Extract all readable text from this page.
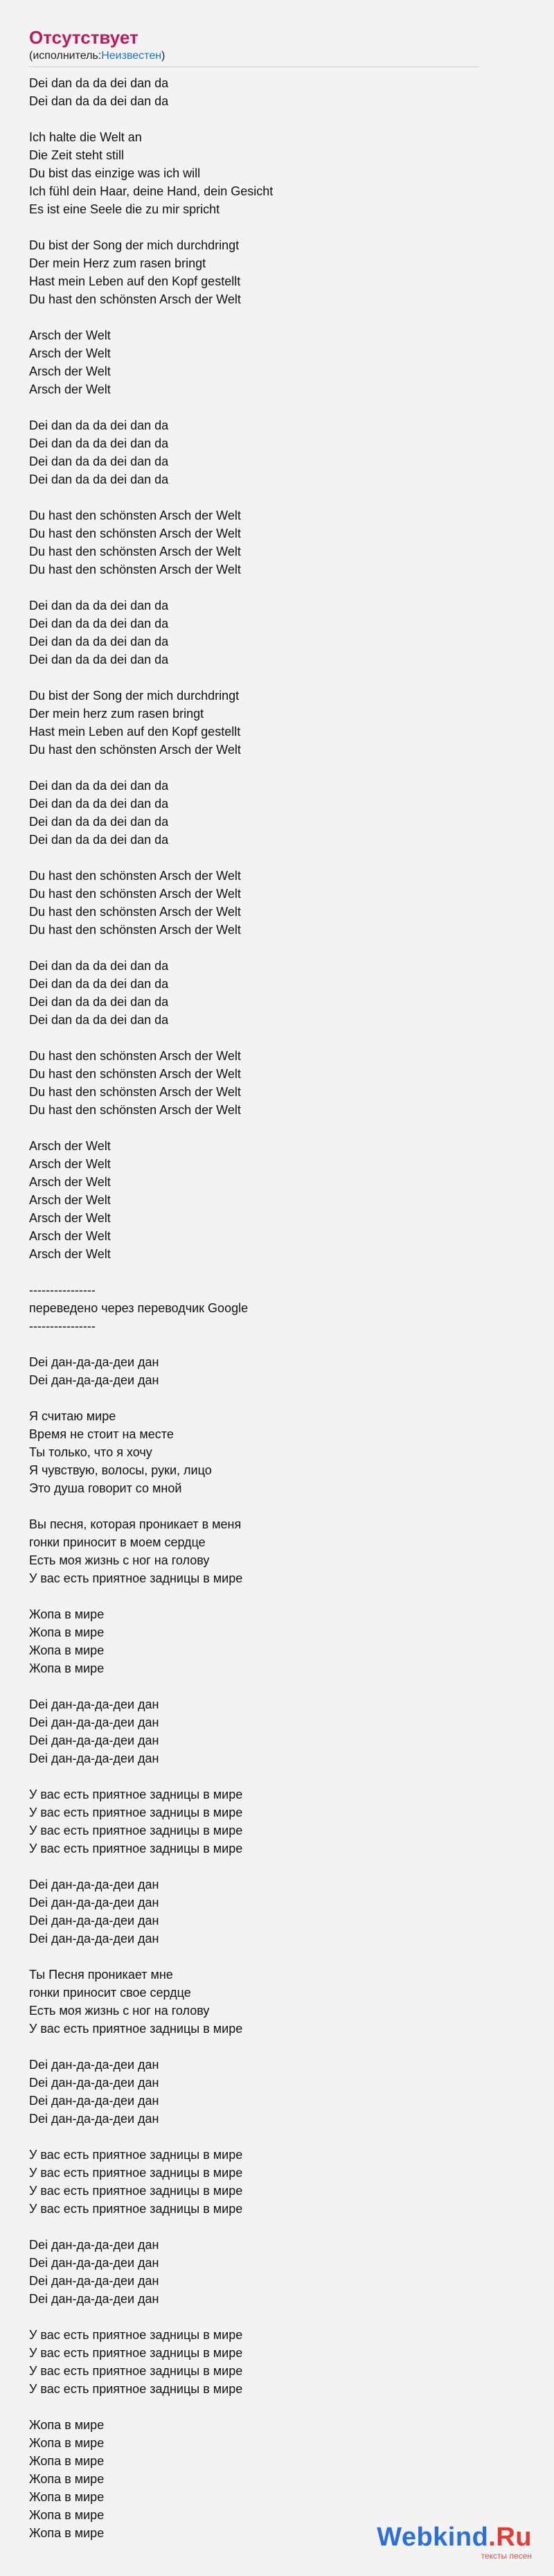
Отсутствует
(исполнитель: Неизвестен )
Dei dan da da dei dan da
Dei dan da da dei dan da
Ich halte die Welt an
Die Zeit steht still
Du bist das einzige was ich will
Ich fühl dein Haar, deine Hand, dein Gesicht
Es ist eine Seele die zu mir spricht
Du bist der Song der mich durchdringt
Der mein Herz zum rasen bringt
Hast mein Leben auf den Kopf gestellt
Du hast den schönsten Arsch der Welt
Arsch der Welt
Arsch der Welt
Arsch der Welt
Arsch der Welt
Dei dan da da dei dan da
Dei dan da da dei dan da
Dei dan da da dei dan da
Dei dan da da dei dan da
Du hast den schönsten Arsch der Welt
Du hast den schönsten Arsch der Welt
Du hast den schönsten Arsch der Welt
Du hast den schönsten Arsch der Welt
Dei dan da da dei dan da
Dei dan da da dei dan da
Dei dan da da dei dan da
Dei dan da da dei dan da
Du bist der Song der mich durchdringt
Der mein herz zum rasen bringt
Hast mein Leben auf den Kopf gestellt
Du hast den schönsten Arsch der Welt
Dei dan da da dei dan da
Dei dan da da dei dan da
Dei dan da da dei dan da
Dei dan da da dei dan da
Du hast den schönsten Arsch der Welt
Du hast den schönsten Arsch der Welt
Du hast den schönsten Arsch der Welt
Du hast den schönsten Arsch der Welt
Dei dan da da dei dan da
Dei dan da da dei dan da
Dei dan da da dei dan da
Dei dan da da dei dan da
Du hast den schönsten Arsch der Welt
Du hast den schönsten Arsch der Welt
Du hast den schönsten Arsch der Welt
Du hast den schönsten Arsch der Welt
Arsch der Welt
Arsch der Welt
Arsch der Welt
Arsch der Welt
Arsch der Welt
Arsch der Welt
Arsch der Welt
----------------
переведено через переводчик Google
----------------
Dei дан-да-да-деи дан
Dei дан-да-да-деи дан
Я считаю мире
Время не стоит на месте
Ты только, что я хочу
Я чувствую, волосы, руки, лицо
Это душа говорит со мной
Вы песня, которая проникает в меня
гонки приносит в моем сердце
Есть моя жизнь с ног на голову
У вас есть приятное задницы в мире
Жопа в мире
Жопа в мире
Жопа в мире
Жопа в мире
Dei дан-да-да-деи дан
Dei дан-да-да-деи дан
Dei дан-да-да-деи дан
Dei дан-да-да-деи дан
У вас есть приятное задницы в мире
У вас есть приятное задницы в мире
У вас есть приятное задницы в мире
У вас есть приятное задницы в мире
Dei дан-да-да-деи дан
Dei дан-да-да-деи дан
Dei дан-да-да-деи дан
Dei дан-да-да-деи дан
Ты Песня проникает мне
гонки приносит свое сердце
Есть моя жизнь с ног на голову
У вас есть приятное задницы в мире
Dei дан-да-да-деи дан
Dei дан-да-да-деи дан
Dei дан-да-да-деи дан
Dei дан-да-да-деи дан
У вас есть приятное задницы в мире
У вас есть приятное задницы в мире
У вас есть приятное задницы в мире
У вас есть приятное задницы в мире
Dei дан-да-да-деи дан
Dei дан-да-да-деи дан
Dei дан-да-да-деи дан
Dei дан-да-да-деи дан
У вас есть приятное задницы в мире
У вас есть приятное задницы в мире
У вас есть приятное задницы в мире
У вас есть приятное задницы в мире
Жопа в мире
Жопа в мире
Жопа в мире
Жопа в мире
Жопа в мире
Жопа в мире
Жопа в мире	Webkind.Ru
тексты песен
